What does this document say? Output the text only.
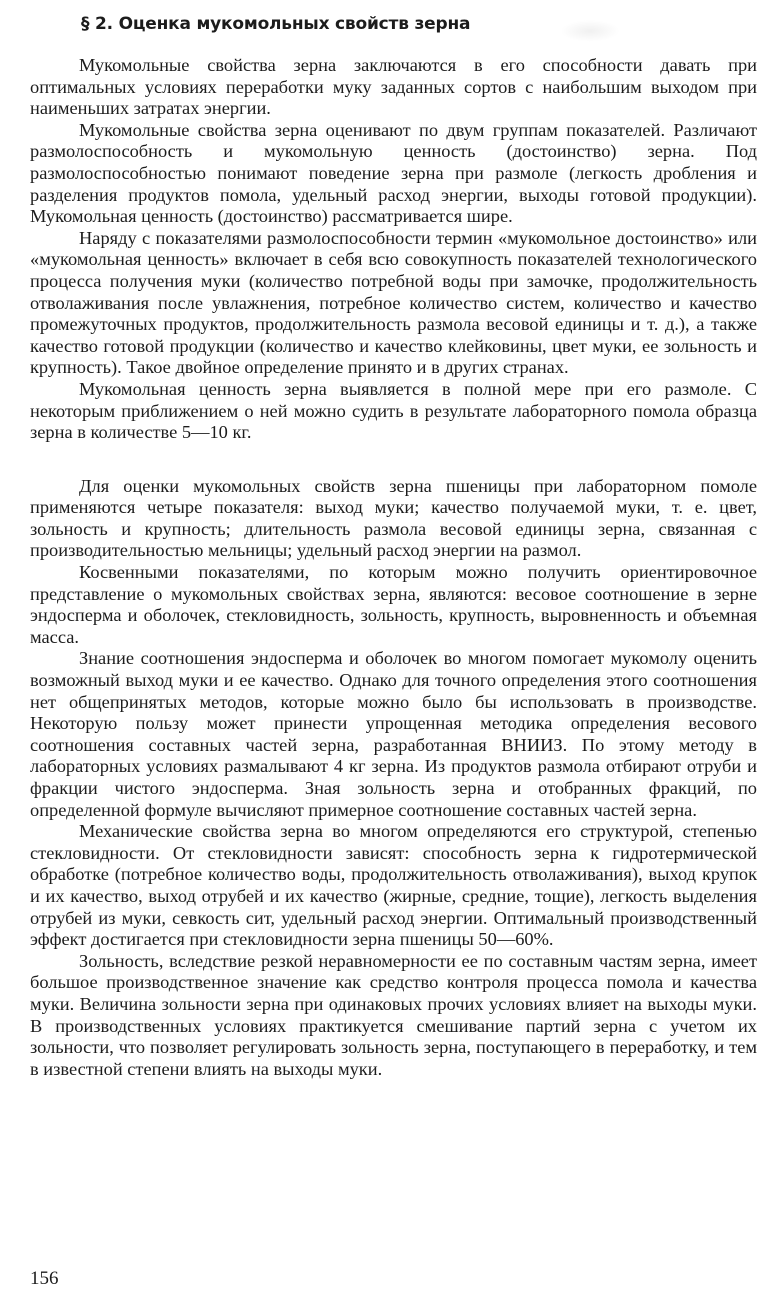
§ 2. Оценка мукомольных свойств зерна

Мукомольные свойства зерна заключаются в его способности давать при оптимальных условиях переработки муку заданных сортов с наибольшим выходом при наименьших затратах энергии.

Мукомольные свойства зерна оценивают по двум группам показателей. Различают размолоспособность и мукомольную ценность (достоинство) зерна. Под размолоспособностью понимают поведение зерна при размоле (легкость дробления и разделения продуктов помола, удельный расход энергии, выходы готовой продукции). Мукомольная ценность (достоинство) рассматривается шире.

Наряду с показателями размолоспособности термин «мукомольное достоинство» или «мукомольная ценность» включает в себя всю совокупность показателей технологического процесса получения муки (количество потребной воды при замочке, продолжительность отволаживания после увлажнения, потребное количество систем, количество и качество промежуточных продуктов, продолжительность размола весовой единицы и т. д.), а также качество готовой продукции (количество и качество клейковины, цвет муки, ее зольность и крупность). Такое двойное определение принято и в других странах.

Мукомольная ценность зерна выявляется в полной мере при его размоле. С некоторым приближением о ней можно судить в результате лабораторного помола образца зерна в количестве 5—10 кг.

Для оценки мукомольных свойств зерна пшеницы при лабораторном помоле применяются четыре показателя: выход муки; качество получаемой муки, т. е. цвет, зольность и крупность; длительность размола весовой единицы зерна, связанная с производительностью мельницы; удельный расход энергии на размол.

Косвенными показателями, по которым можно получить ориентировочное представление о мукомольных свойствах зерна, являются: весовое соотношение в зерне эндосперма и оболочек, стекловидность, зольность, крупность, выровненность и объемная масса.

Знание соотношения эндосперма и оболочек во многом помогает мукомолу оценить возможный выход муки и ее качество. Однако для точного определения этого соотношения нет общепринятых методов, которые можно было бы использовать в производстве. Некоторую пользу может принести упрощенная методика определения весового соотношения составных частей зерна, разработанная ВНИИЗ. По этому методу в лабораторных условиях размалывают 4 кг зерна. Из продуктов размола отбирают отруби и фракции чистого эндосперма. Зная зольность зерна и отобранных фракций, по определенной формуле вычисляют примерное соотношение составных частей зерна.

Механические свойства зерна во многом определяются его структурой, степенью стекловидности. От стекловидности зависят: способность зерна к гидротермической обработке (потребное количество воды, продолжительность отволаживания), выход крупок и их качество, выход отрубей и их качество (жирные, средние, тощие), легкость выделения отрубей из муки, севкость сит, удельный расход энергии. Оптимальный производственный эффект достигается при стекловидности зерна пшеницы 50—60%.

Зольность, вследствие резкой неравномерности ее по составным частям зерна, имеет большое производственное значение как средство контроля процесса помола и качества муки. Величина зольности зерна при одинаковых прочих условиях влияет на выходы муки. В производственных условиях практикуется смешивание партий зерна с учетом их зольности, что позволяет регулировать зольность зерна, поступающего в переработку, и тем в известной степени влиять на выходы муки.

156
